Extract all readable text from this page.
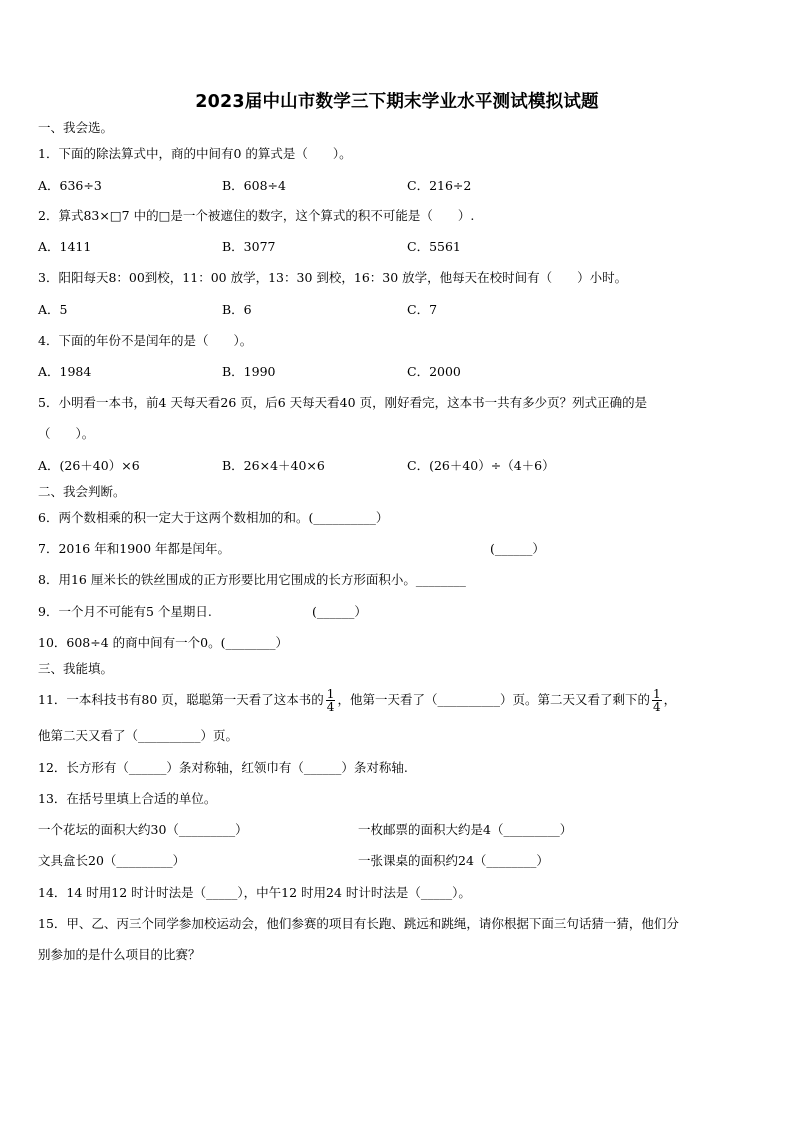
2023届中山市数学三下期末学业水平测试模拟试题
一、我会选。
1．下面的除法算式中，商的中间有0 的算式是（　　）。
A．636÷3	B．608÷4	C．216÷2
2．算式83×□7 中的□是一个被遮住的数字，这个算式的积不可能是（　　）.
A．1411	B．3077	C．5561
3．阳阳每天8：00到校，11：00 放学，13：30 到校，16：30 放学，他每天在校时间有（　　）小时。
A．5	B．6	C．7
4．下面的年份不是闰年的是（　　）。
A．1984	B．1990	C．2000
5．小明看一本书，前4 天每天看26 页，后6 天每天看40 页，刚好看完，这本书一共有多少页？列式正确的是
（　　）。
A．(26＋40）×6	B．26×4＋40×6	C．(26＋40）÷（4＋6）
二、我会判断。
6．两个数相乘的积一定大于这两个数相加的和。(__________）
7．2016 年和1900 年都是闰年。	(______）
8．用16 厘米长的铁丝围成的正方形要比用它围成的长方形面积小。________
9．一个月不可能有5 个星期日.	(______）
10．608÷4 的商中间有一个0。(________）
三、我能填。
11．一本科技书有80 页，聪聪第一天看了这本书的 $\frac{1}{4}$ ，他第一天看了（__________）页。第二天又看了剩下的 $\frac{1}{4}$ ，
他第二天又看了（__________）页。
12．长方形有（______）条对称轴，红领巾有（______）条对称轴.
13．在括号里填上合适的单位。
一个花坛的面积大约30（_________）	一枚邮票的面积大约是4（_________）
文具盒长20（_________）	一张课桌的面积约24（________）
14．14 时用12 时计时法是（_____），中午12 时用24 时计时法是（_____）。
15．甲、乙、丙三个同学参加校运动会，他们参赛的项目有长跑、跳远和跳绳，请你根据下面三句话猜一猜，他们分
别参加的是什么项目的比赛？
